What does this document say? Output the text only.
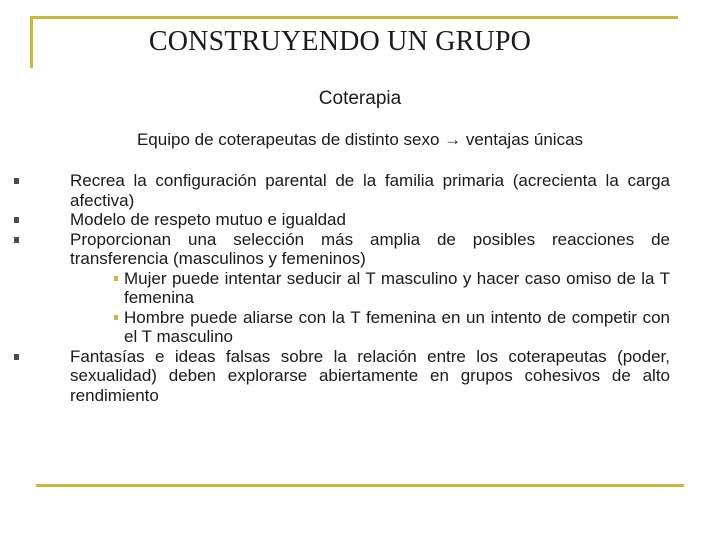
CONSTRUYENDO UN GRUPO
Coterapia
Equipo de coterapeutas de distinto sexo → ventajas únicas
Recrea la configuración parental de la familia primaria (acrecienta la carga afectiva)
Modelo de respeto mutuo e igualdad
Proporcionan una selección más amplia de posibles reacciones de transferencia (masculinos y femeninos)
Mujer puede intentar seducir al T masculino y hacer caso omiso de la T femenina
Hombre puede aliarse con la T femenina en un intento de competir con el T masculino
Fantasías e ideas falsas sobre la relación entre los coterapeutas (poder, sexualidad) deben explorarse abiertamente en grupos cohesivos de alto rendimiento
